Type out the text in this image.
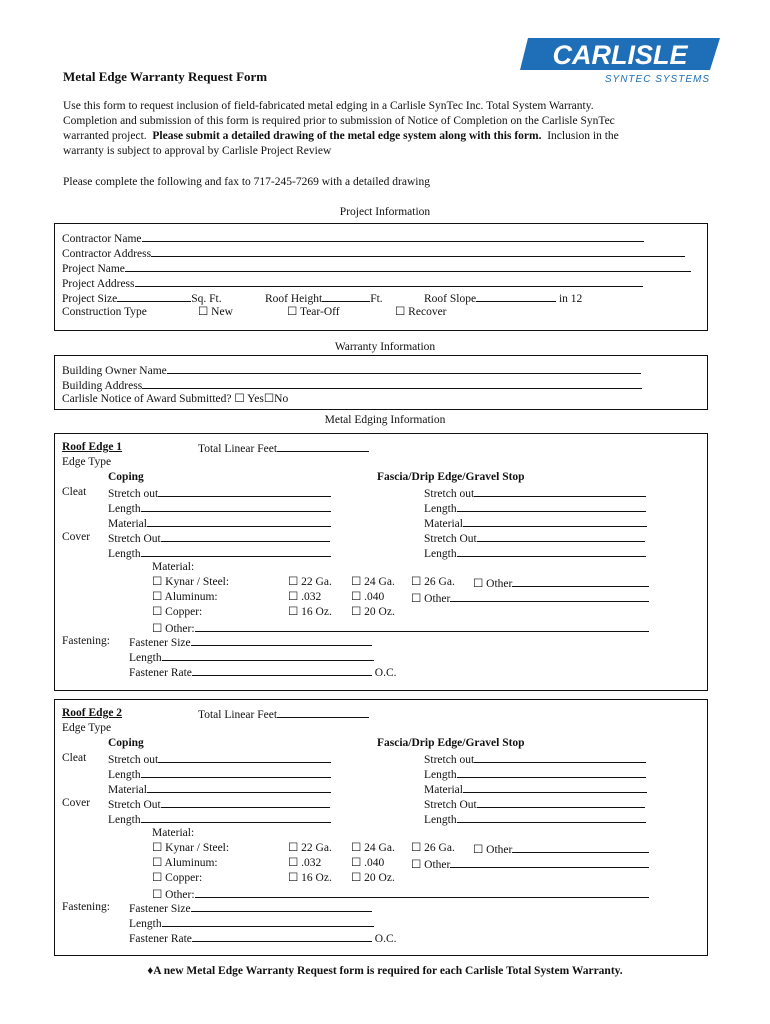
CARLISLE
SYNTEC SYSTEMS
Metal Edge Warranty Request Form
Use this form to request inclusion of field-fabricated metal edging in a Carlisle SynTec Inc. Total System Warranty.
Completion and submission of this form is required prior to submission of Notice of Completion on the Carlisle SynTec
warranted project. Please submit a detailed drawing of the metal edge system along with this form. Inclusion in the
warranty is subject to approval by Carlisle Project Review
Please complete the following and fax to 717-245-7269 with a detailed drawing
Project Information
Contractor Name
Contractor Address
Project Name
Project Address
Project Size	Sq. Ft.	Roof Height	Ft.	Roof Slope	in 12
Construction Type	☐ New	☐ Tear-Off	☐ Recover
Warranty Information
Building Owner Name
Building Address
Carlisle Notice of Award Submitted? ☐ Yes☐No
Metal Edging Information
Roof Edge 1	Total Linear Feet
Edge Type
Coping	Fascia/Drip Edge/Gravel Stop
Cleat Stretch out	Stretch out
Length	Length
Material	Material
Cover Stretch Out	Stretch Out
Length	Length
Material:
☐ Kynar / Steel:	☐ 22 Ga. ☐ 24 Ga. ☐ 26 Ga. ☐ Other
☐ Aluminum:	☐ .032	☐ .040 ☐ Other
☐ Copper:	☐ 16 Oz. ☐ 20 Oz.
☐ Other:
Fastening: Fastener Size
Length
Fastener Rate	O.C.
Roof Edge 2	Total Linear Feet
Edge Type
Coping	Fascia/Drip Edge/Gravel Stop
Cleat Stretch out	Stretch out
Length	Length
Material	Material
Cover Stretch Out	Stretch Out
Length	Length
Material:
☐ Kynar / Steel:	☐ 22 Ga. ☐ 24 Ga. ☐ 26 Ga. ☐ Other
☐ Aluminum:	☐ .032	☐ .040 ☐ Other
☐ Copper:	☐ 16 Oz. ☐ 20 Oz.
☐ Other:
Fastening: Fastener Size
Length
Fastener Rate	O.C.
♦A new Metal Edge Warranty Request form is required for each Carlisle Total System Warranty.
